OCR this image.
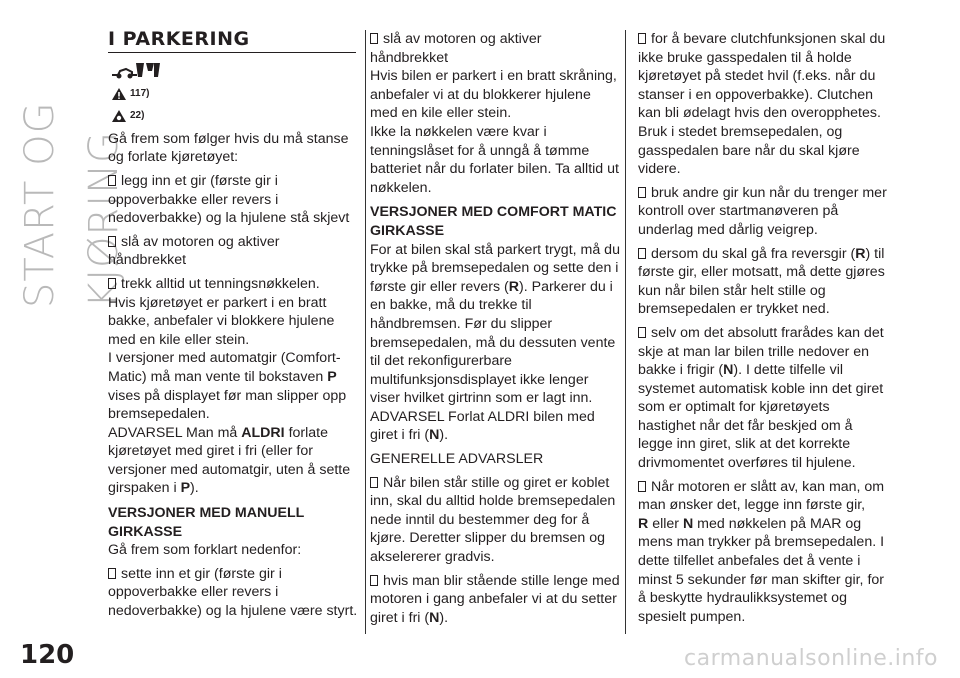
START OG KJØRING
I PARKERING
117)
22)

Gå frem som følger hvis du må stanse og forlate kjøretøyet:

legg inn et gir (første gir i oppoverbakke eller revers i nedoverbakke) og la hjulene stå skjevt

slå av motoren og aktiver håndbrekket

trekk alltid ut tenningsnøkkelen.

Hvis kjøretøyet er parkert i en bratt bakke, anbefaler vi blokkere hjulene med en kile eller stein.

I versjoner med automatgir (Comfort-Matic) må man vente til bokstaven P vises på displayet før man slipper opp bremsepedalen.

ADVARSEL Man må ALDRI forlate kjøretøyet med giret i fri (eller for versjoner med automatgir, uten å sette girspaken i P).

VERSJONER MED MANUELL GIRKASSE

Gå frem som forklart nedenfor:

sette inn et gir (første gir i oppoverbakke eller revers i nedoverbakke) og la hjulene være styrt.

slå av motoren og aktiver håndbrekket

Hvis bilen er parkert i en bratt skråning, anbefaler vi at du blokkerer hjulene med en kile eller stein.

Ikke la nøkkelen være kvar i tenningslåset for å unngå å tømme batteriet når du forlater bilen. Ta alltid ut nøkkelen.

VERSJONER MED COMFORT MATIC GIRKASSE

For at bilen skal stå parkert trygt, må du trykke på bremsepedalen og sette den i første gir eller revers (R). Parkerer du i en bakke, må du trekke til håndbremsen. Før du slipper bremsepedalen, må du dessuten vente til det rekonfigurerbare multifunksjonsdisplayet ikke lenger viser hvilket girtrinn som er lagt inn.

ADVARSEL Forlat ALDRI bilen med giret i fri (N).

GENERELLE ADVARSLER

Når bilen står stille og giret er koblet inn, skal du alltid holde bremsepedalen nede inntil du bestemmer deg for å kjøre. Deretter slipper du bremsen og akselererer gradvis.

hvis man blir stående stille lenge med motoren i gang anbefaler vi at du setter giret i fri (N).

for å bevare clutchfunksjonen skal du ikke bruke gasspedalen til å holde kjøretøyet på stedet hvil (f.eks. når du stanser i en oppoverbakke). Clutchen kan bli ødelagt hvis den overopphetes. Bruk i stedet bremsepedalen, og gasspedalen bare når du skal kjøre videre.

bruk andre gir kun når du trenger mer kontroll over startmanøveren på underlag med dårlig veigrep.

dersom du skal gå fra reversgir (R) til første gir, eller motsatt, må dette gjøres kun når bilen står helt stille og bremsepedalen er trykket ned.

selv om det absolutt frarådes kan det skje at man lar bilen trille nedover en bakke i frigir (N). I dette tilfelle vil systemet automatisk koble inn det giret som er optimalt for kjøretøyets hastighet når det får beskjed om å legge inn giret, slik at det korrekte drivmomentet overføres til hjulene.

Når motoren er slått av, kan man, om man ønsker det, legge inn første gir,
R eller N med nøkkelen på MAR og mens man trykker på bremsepedalen. I dette tilfellet anbefales det å vente i minst 5 sekunder før man skifter gir, for å beskytte hydraulikksystemet og spesielt pumpen.

120	carmanualsonline.info
